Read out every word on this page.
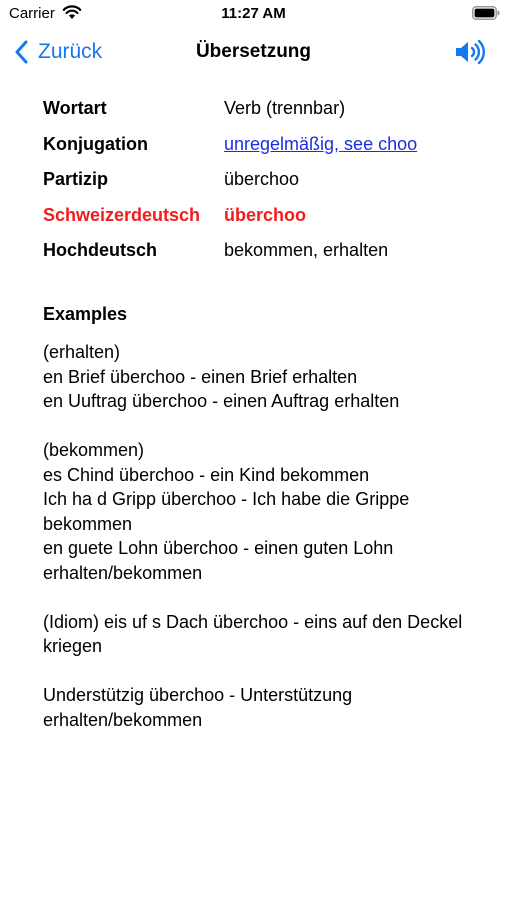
Carrier	11:27 AM
Zurück	Übersetzung
Wortart	Verb (trennbar)
Konjugation	unregelmäßig, see choo
Partizip	überchoo
Schweizerdeutsch überchoo
Hochdeutsch	bekommen, erhalten
Examples
(erhalten)
en Brief überchoo - einen Brief erhalten
en Uuftrag überchoo - einen Auftrag erhalten
(bekommen)
es Chind überchoo - ein Kind bekommen
Ich ha d Gripp überchoo - Ich habe die Grippe bekommen
en guete Lohn überchoo - einen guten Lohn erhalten/bekommen
(Idiom) eis uf s Dach überchoo - eins auf den Deckel kriegen
Understützig überchoo - Unterstützung erhalten/bekommen
